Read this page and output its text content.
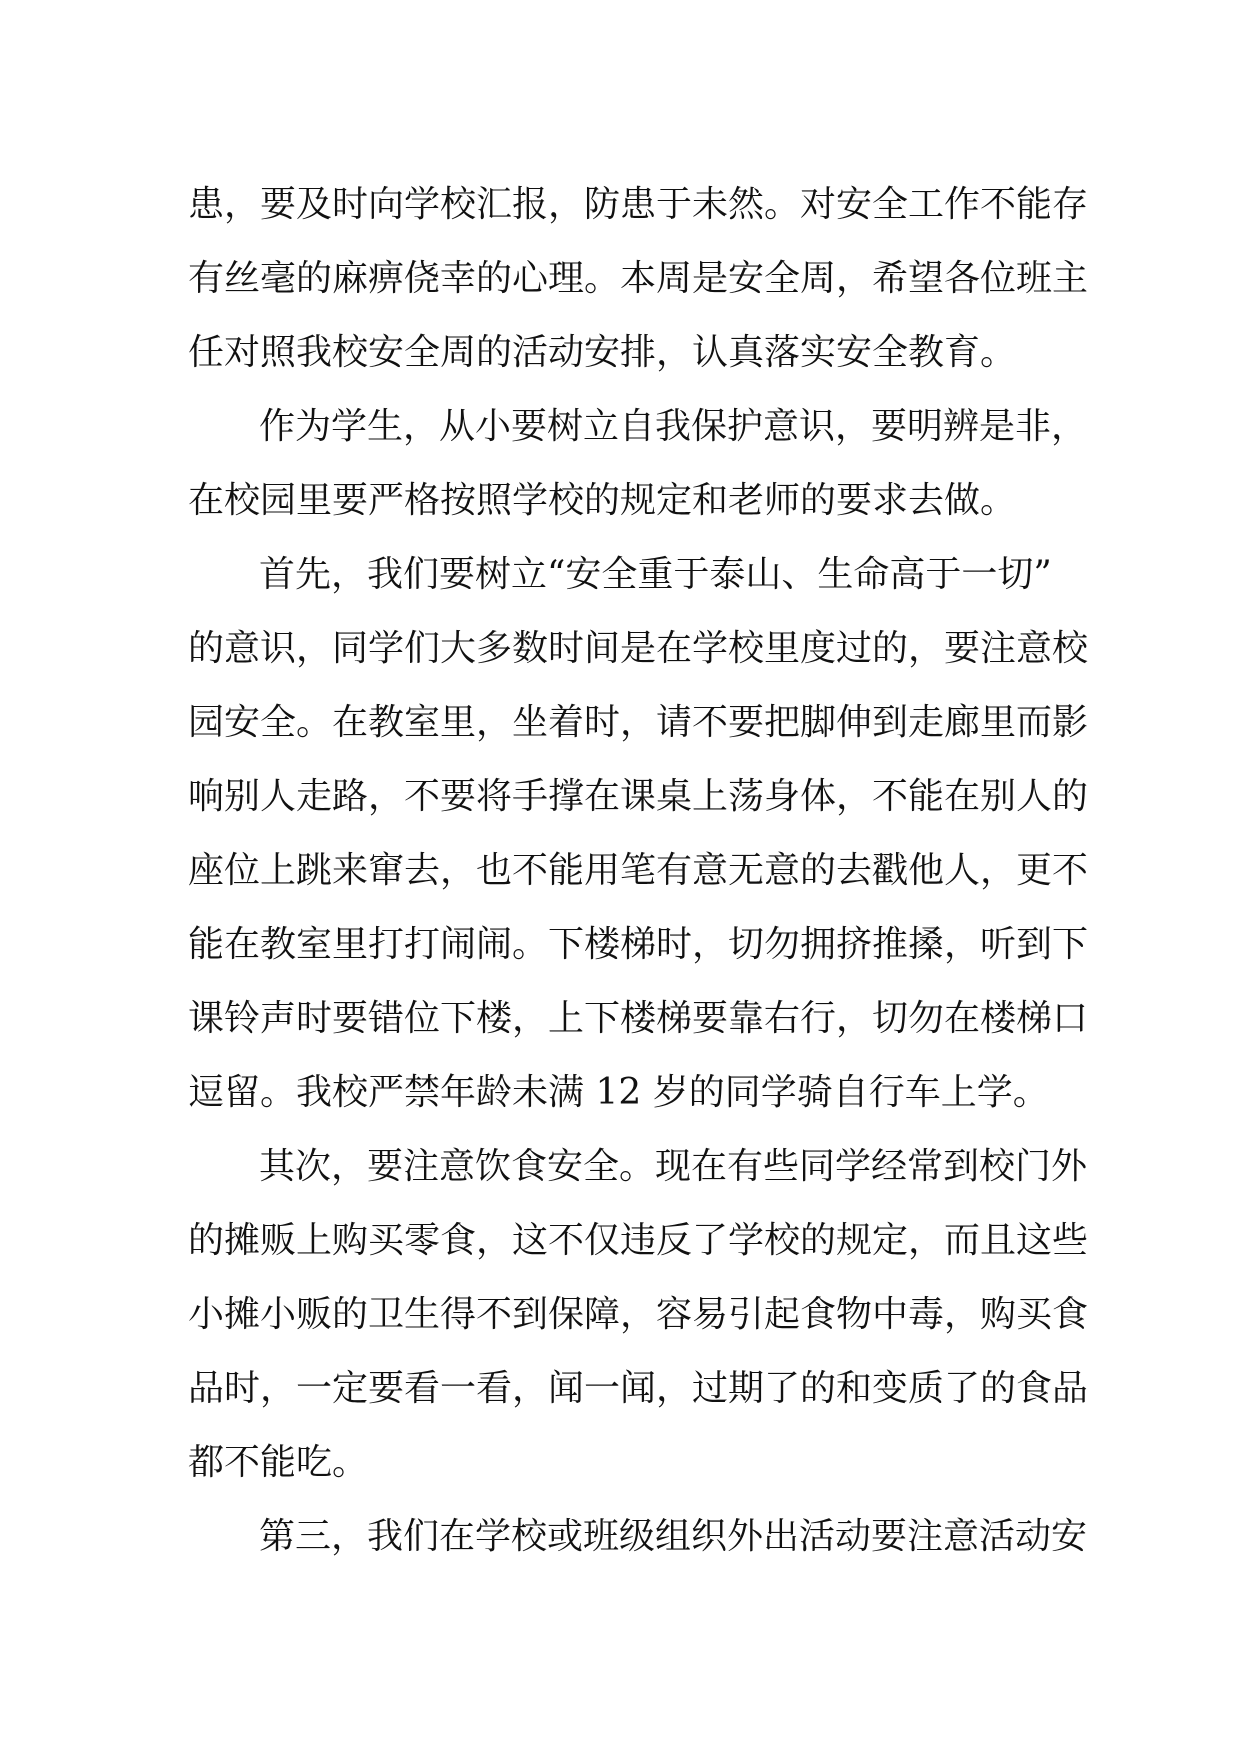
患，要及时向学校汇报，防患于未然。对安全工作不能存

有丝毫的麻痹侥幸的心理。本周是安全周，希望各位班主

任对照我校安全周的活动安排，认真落实安全教育。

作为学生，从小要树立自我保护意识，要明辨是非，

在校园里要严格按照学校的规定和老师的要求去做。

首先，我们要树立“安全重于泰山、生命高于一切”

的意识，同学们大多数时间是在学校里度过的，要注意校

园安全。在教室里，坐着时，请不要把脚伸到走廊里而影

响别人走路，不要将手撑在课桌上荡身体，不能在别人的

座位上跳来窜去，也不能用笔有意无意的去戳他人，更不

能在教室里打打闹闹。下楼梯时，切勿拥挤推搡，听到下

课铃声时要错位下楼，上下楼梯要靠右行，切勿在楼梯口

逗留。我校严禁年龄未满 12 岁的同学骑自行车上学。

其次，要注意饮食安全。现在有些同学经常到校门外

的摊贩上购买零食，这不仅违反了学校的规定，而且这些

小摊小贩的卫生得不到保障，容易引起食物中毒，购买食

品时，一定要看一看，闻一闻，过期了的和变质了的食品

都不能吃。

第三，我们在学校或班级组织外出活动要注意活动安
